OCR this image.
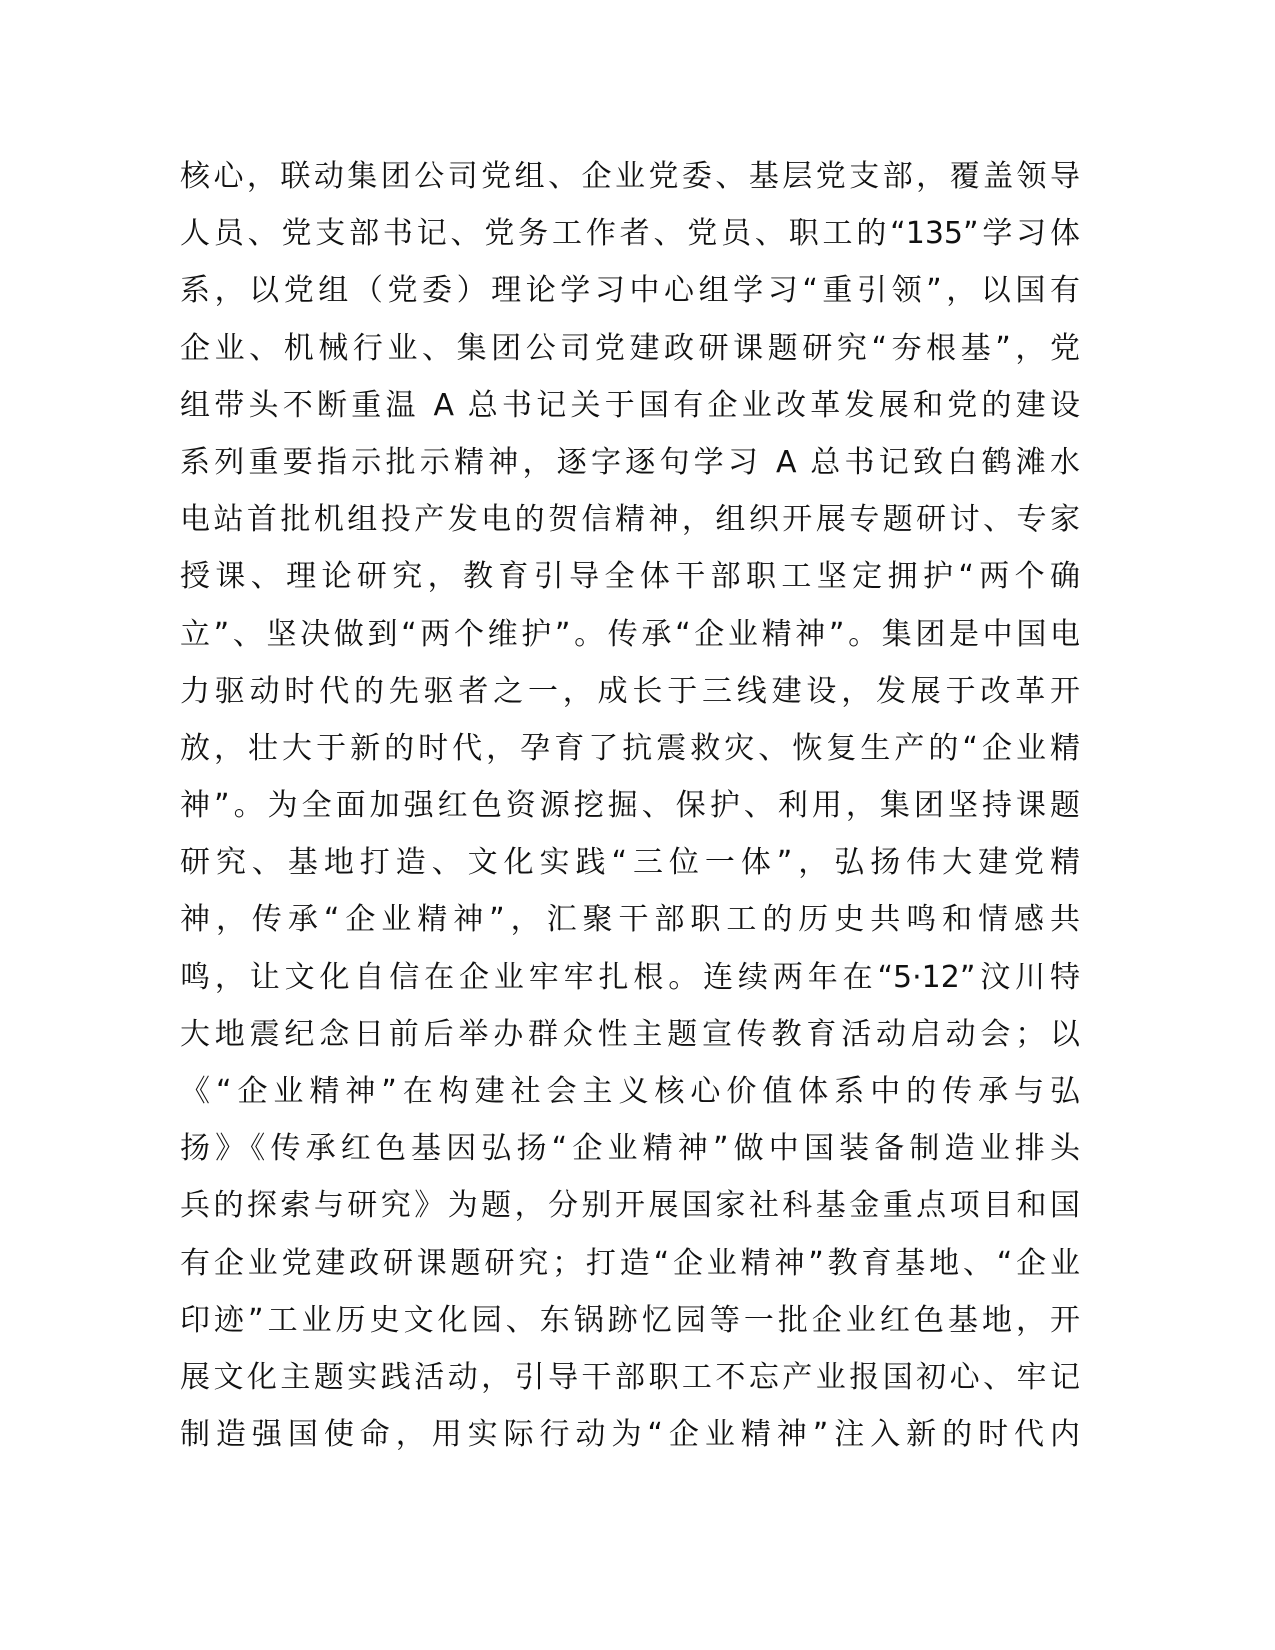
核心，联动集团公司党组、企业党委、基层党支部，覆盖领导
人员、党支部书记、党务工作者、党员、职工的“135”学习体
系，以党组（党委）理论学习中心组学习“重引领”，以国有
企业、机械行业、集团公司党建政研课题研究“夯根基”，党
组带头不断重温 A 总书记关于国有企业改革发展和党的建设
系列重要指示批示精神，逐字逐句学习 A 总书记致白鹤滩水
电站首批机组投产发电的贺信精神，组织开展专题研讨、专家
授课、理论研究，教育引导全体干部职工坚定拥护“两个确
立”、坚决做到“两个维护”。传承“企业精神”。集团是中国电
力驱动时代的先驱者之一，成长于三线建设，发展于改革开
放，壮大于新的时代，孕育了抗震救灾、恢复生产的“企业精
神”。为全面加强红色资源挖掘、保护、利用，集团坚持课题
研究、基地打造、文化实践“三位一体”，弘扬伟大建党精
神，传承“企业精神”，汇聚干部职工的历史共鸣和情感共
鸣，让文化自信在企业牢牢扎根。连续两年在“5·12”汶川特
大地震纪念日前后举办群众性主题宣传教育活动启动会；以
《“企业精神”在构建社会主义核心价值体系中的传承与弘
扬》《传承红色基因弘扬“企业精神”做中国装备制造业排头
兵的探索与研究》为题，分别开展国家社科基金重点项目和国
有企业党建政研课题研究；打造“企业精神”教育基地、“企业
印迹”工业历史文化园、东锅跡忆园等一批企业红色基地，开
展文化主题实践活动，引导干部职工不忘产业报国初心、牢记
制造强国使命，用实际行动为“企业精神”注入新的时代内
